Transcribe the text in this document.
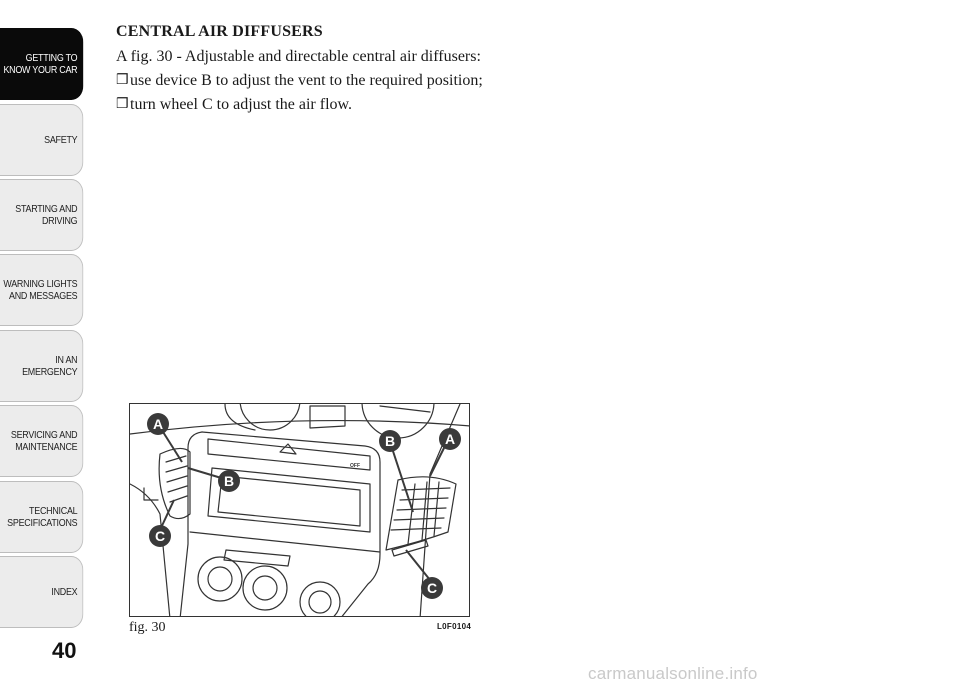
GETTING TO
KNOW YOUR CAR
SAFETY
STARTING AND
DRIVING
WARNING LIGHTS
AND MESSAGES
IN AN EMERGENCY
SERVICING AND
MAINTENANCE
TECHNICAL
SPECIFICATIONS
INDEX
40
CENTRAL AIR DIFFUSERS

A fig. 30 - Adjustable and directable central air diffusers:

❒ use device B to adjust the vent to the required position;
❒ turn wheel C to adjust the air flow.
A
B
C
B	A
C
OFF
fig. 30	L0F0104
carmanualsonline.info
